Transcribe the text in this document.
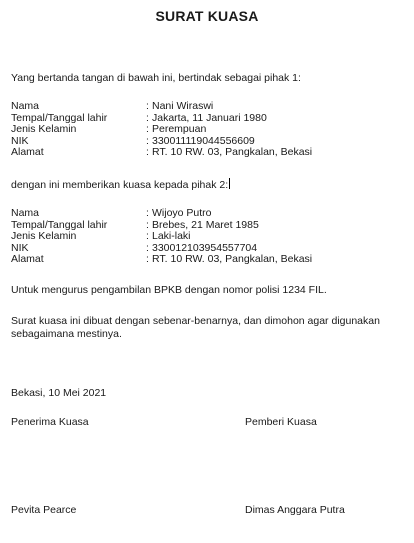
SURAT KUASA
Yang bertanda tangan di bawah ini, bertindak sebagai pihak 1:
Nama	: Nani Wiraswi
Tempal/Tanggal lahir	: Jakarta, 11 Januari 1980
Jenis Kelamin	: Perempuan
NIK	: 330011119044556609
Alamat	: RT. 10 RW. 03, Pangkalan, Bekasi
dengan ini memberikan kuasa kepada pihak 2:
Nama	: Wijoyo Putro
Tempal/Tanggal lahir	: Brebes, 21 Maret 1985
Jenis Kelamin	: Laki-laki
NIK	: 330012103954557704
Alamat	: RT. 10 RW. 03, Pangkalan, Bekasi
Untuk mengurus pengambilan BPKB dengan nomor polisi 1234 FIL.
Surat kuasa ini dibuat dengan sebenar-benarnya, dan dimohon agar digunakan sebagaimana mestinya.
Bekasi, 10 Mei 2021
Penerima Kuasa	Pemberi Kuasa
Pevita Pearce	Dimas Anggara Putra
